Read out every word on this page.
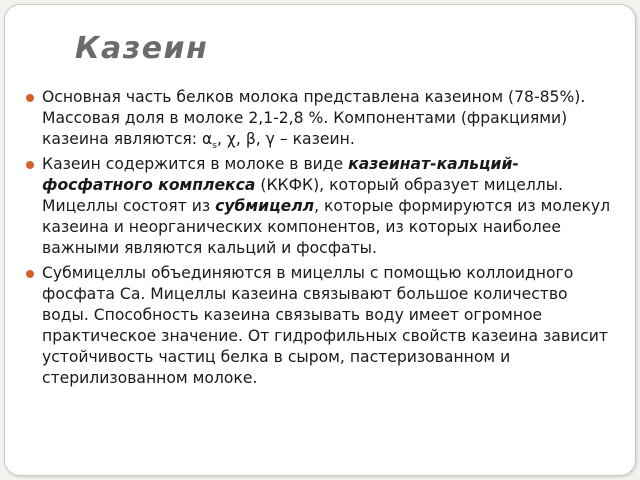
Казеин
Основная часть белков молока представлена казеином (78-85%). Массовая доля в молоке 2,1-2,8 %. Компонентами (фракциями) казеина являются: $\alpha_s$, χ, β, γ – казеин.
Казеин содержится в молоке в виде казеинат-кальций-фосфатного комплекса (ККФК), который образует мицеллы. Мицеллы состоят из субмицелл, которые формируются из молекул казеина и неорганических компонентов, из которых наиболее важными являются кальций и фосфаты.
Субмицеллы объединяются в мицеллы с помощью коллоидного фосфата Са. Мицеллы казеина связывают большое количество воды. Способность казеина связывать воду имеет огромное практическое значение. От гидрофильных свойств казеина зависит устойчивость частиц белка в сыром, пастеризованном и стерилизованном молоке.
